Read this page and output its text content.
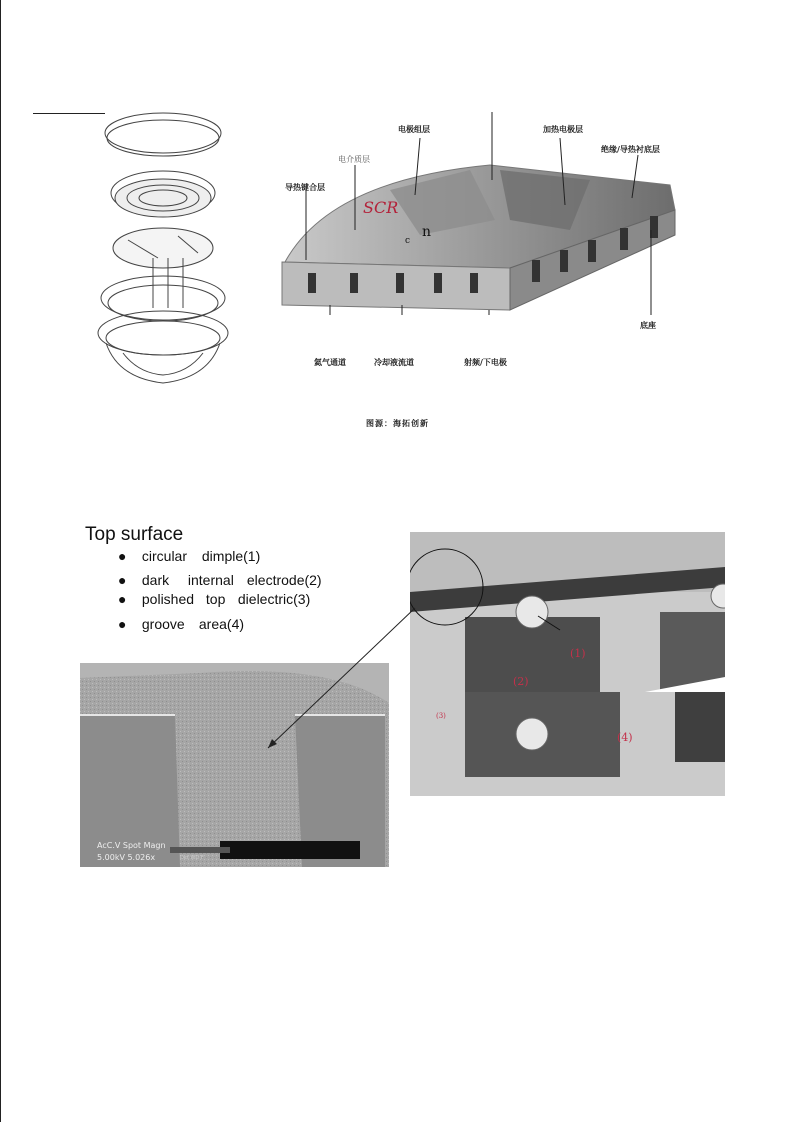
电极组层	加热电极层
绝缘/导热衬底层
电介质层
导热键合层
底座
氦气通道	冷却液流道	射频/下电极
SCR
n
c
图源：海拓创新
Top surface
● circular dimple(1)
● dark internal electrode(2)
● polished top dielectric(3)
● groove area(4)
AcC.V Spot Magn
5.00kV 5.026x	Det WD F
(1)
(2)
(3)
(4)
